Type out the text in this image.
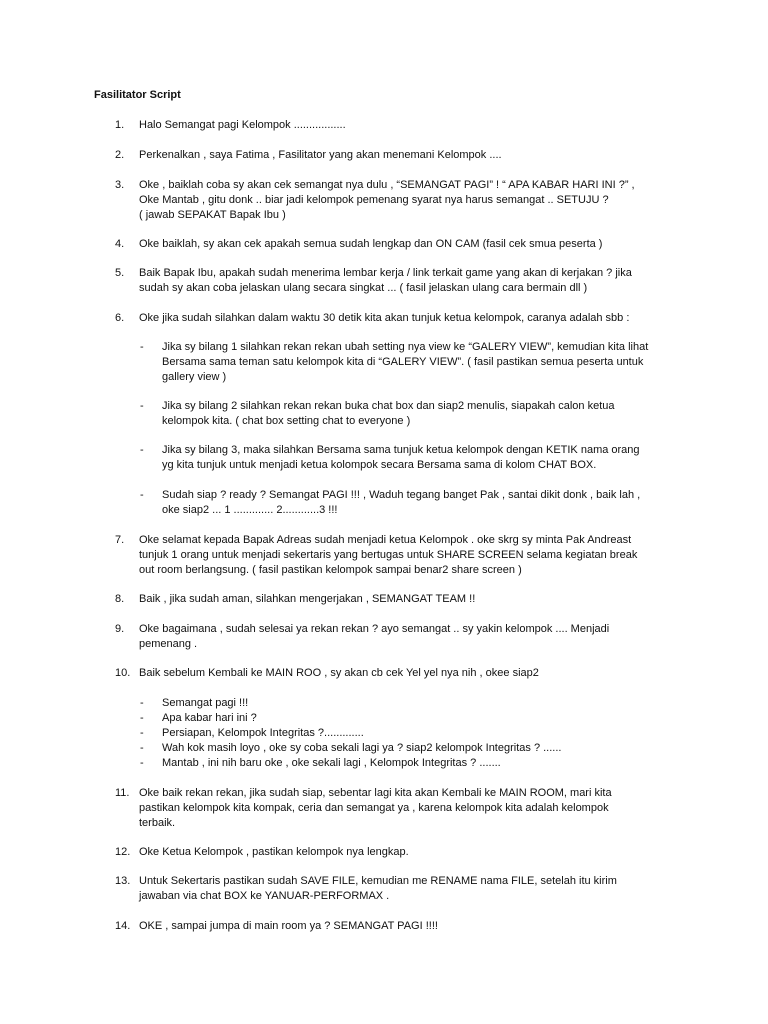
Fasilitator Script
1. Halo Semangat pagi Kelompok .................
2. Perkenalkan , saya Fatima , Fasilitator yang akan menemani Kelompok ....
3. Oke , baiklah coba sy akan cek semangat nya dulu , “SEMANGAT PAGI” ! “ APA KABAR HARI INI ?” ,
Oke Mantab , gitu donk .. biar jadi kelompok pemenang syarat nya harus semangat .. SETUJU ?
( jawab SEPAKAT Bapak Ibu )
4. Oke baiklah, sy akan cek apakah semua sudah lengkap dan ON CAM (fasil cek smua peserta )
5. Baik Bapak Ibu, apakah sudah menerima lembar kerja / link terkait game yang akan di kerjakan ? jika
sudah sy akan coba jelaskan ulang secara singkat ... ( fasil jelaskan ulang cara bermain dll )
6. Oke jika sudah silahkan dalam waktu 30 detik kita akan tunjuk ketua kelompok, caranya adalah sbb :
- Jika sy bilang 1 silahkan rekan rekan ubah setting nya view ke “GALERY VIEW”, kemudian kita lihat
Bersama sama teman satu kelompok kita di “GALERY VIEW”. ( fasil pastikan semua peserta untuk
gallery view )
- Jika sy bilang 2 silahkan rekan rekan buka chat box dan siap2 menulis, siapakah calon ketua
kelompok kita. ( chat box setting chat to everyone )
- Jika sy bilang 3, maka silahkan Bersama sama tunjuk ketua kelompok dengan KETIK nama orang
yg kita tunjuk untuk menjadi ketua kolompok secara Bersama sama di kolom CHAT BOX.
- Sudah siap ? ready ? Semangat PAGI !!! , Waduh tegang banget Pak , santai dikit donk , baik lah ,
oke siap2 ... 1 ............. 2............3 !!!
7. Oke selamat kepada Bapak Adreas sudah menjadi ketua Kelompok . oke skrg sy minta Pak Andreast
tunjuk 1 orang untuk menjadi sekertaris yang bertugas untuk SHARE SCREEN selama kegiatan break
out room berlangsung. ( fasil pastikan kelompok sampai benar2 share screen )
8. Baik , jika sudah aman, silahkan mengerjakan , SEMANGAT TEAM !!
9. Oke bagaimana , sudah selesai ya rekan rekan ? ayo semangat .. sy yakin kelompok .... Menjadi
pemenang .
10. Baik sebelum Kembali ke MAIN ROO , sy akan cb cek Yel yel nya nih , okee siap2
- Semangat pagi !!!
- Apa kabar hari ini ?
- Persiapan, Kelompok Integritas ?.............
- Wah kok masih loyo , oke sy coba sekali lagi ya ? siap2 kelompok Integritas ? ......
- Mantab , ini nih baru oke , oke sekali lagi , Kelompok Integritas ? .......
11. Oke baik rekan rekan, jika sudah siap, sebentar lagi kita akan Kembali ke MAIN ROOM, mari kita
pastikan kelompok kita kompak, ceria dan semangat ya , karena kelompok kita adalah kelompok
terbaik.
12. Oke Ketua Kelompok , pastikan kelompok nya lengkap.
13. Untuk Sekertaris pastikan sudah SAVE FILE, kemudian me RENAME nama FILE, setelah itu kirim
jawaban via chat BOX ke YANUAR-PERFORMAX .
14. OKE , sampai jumpa di main room ya ? SEMANGAT PAGI !!!!
